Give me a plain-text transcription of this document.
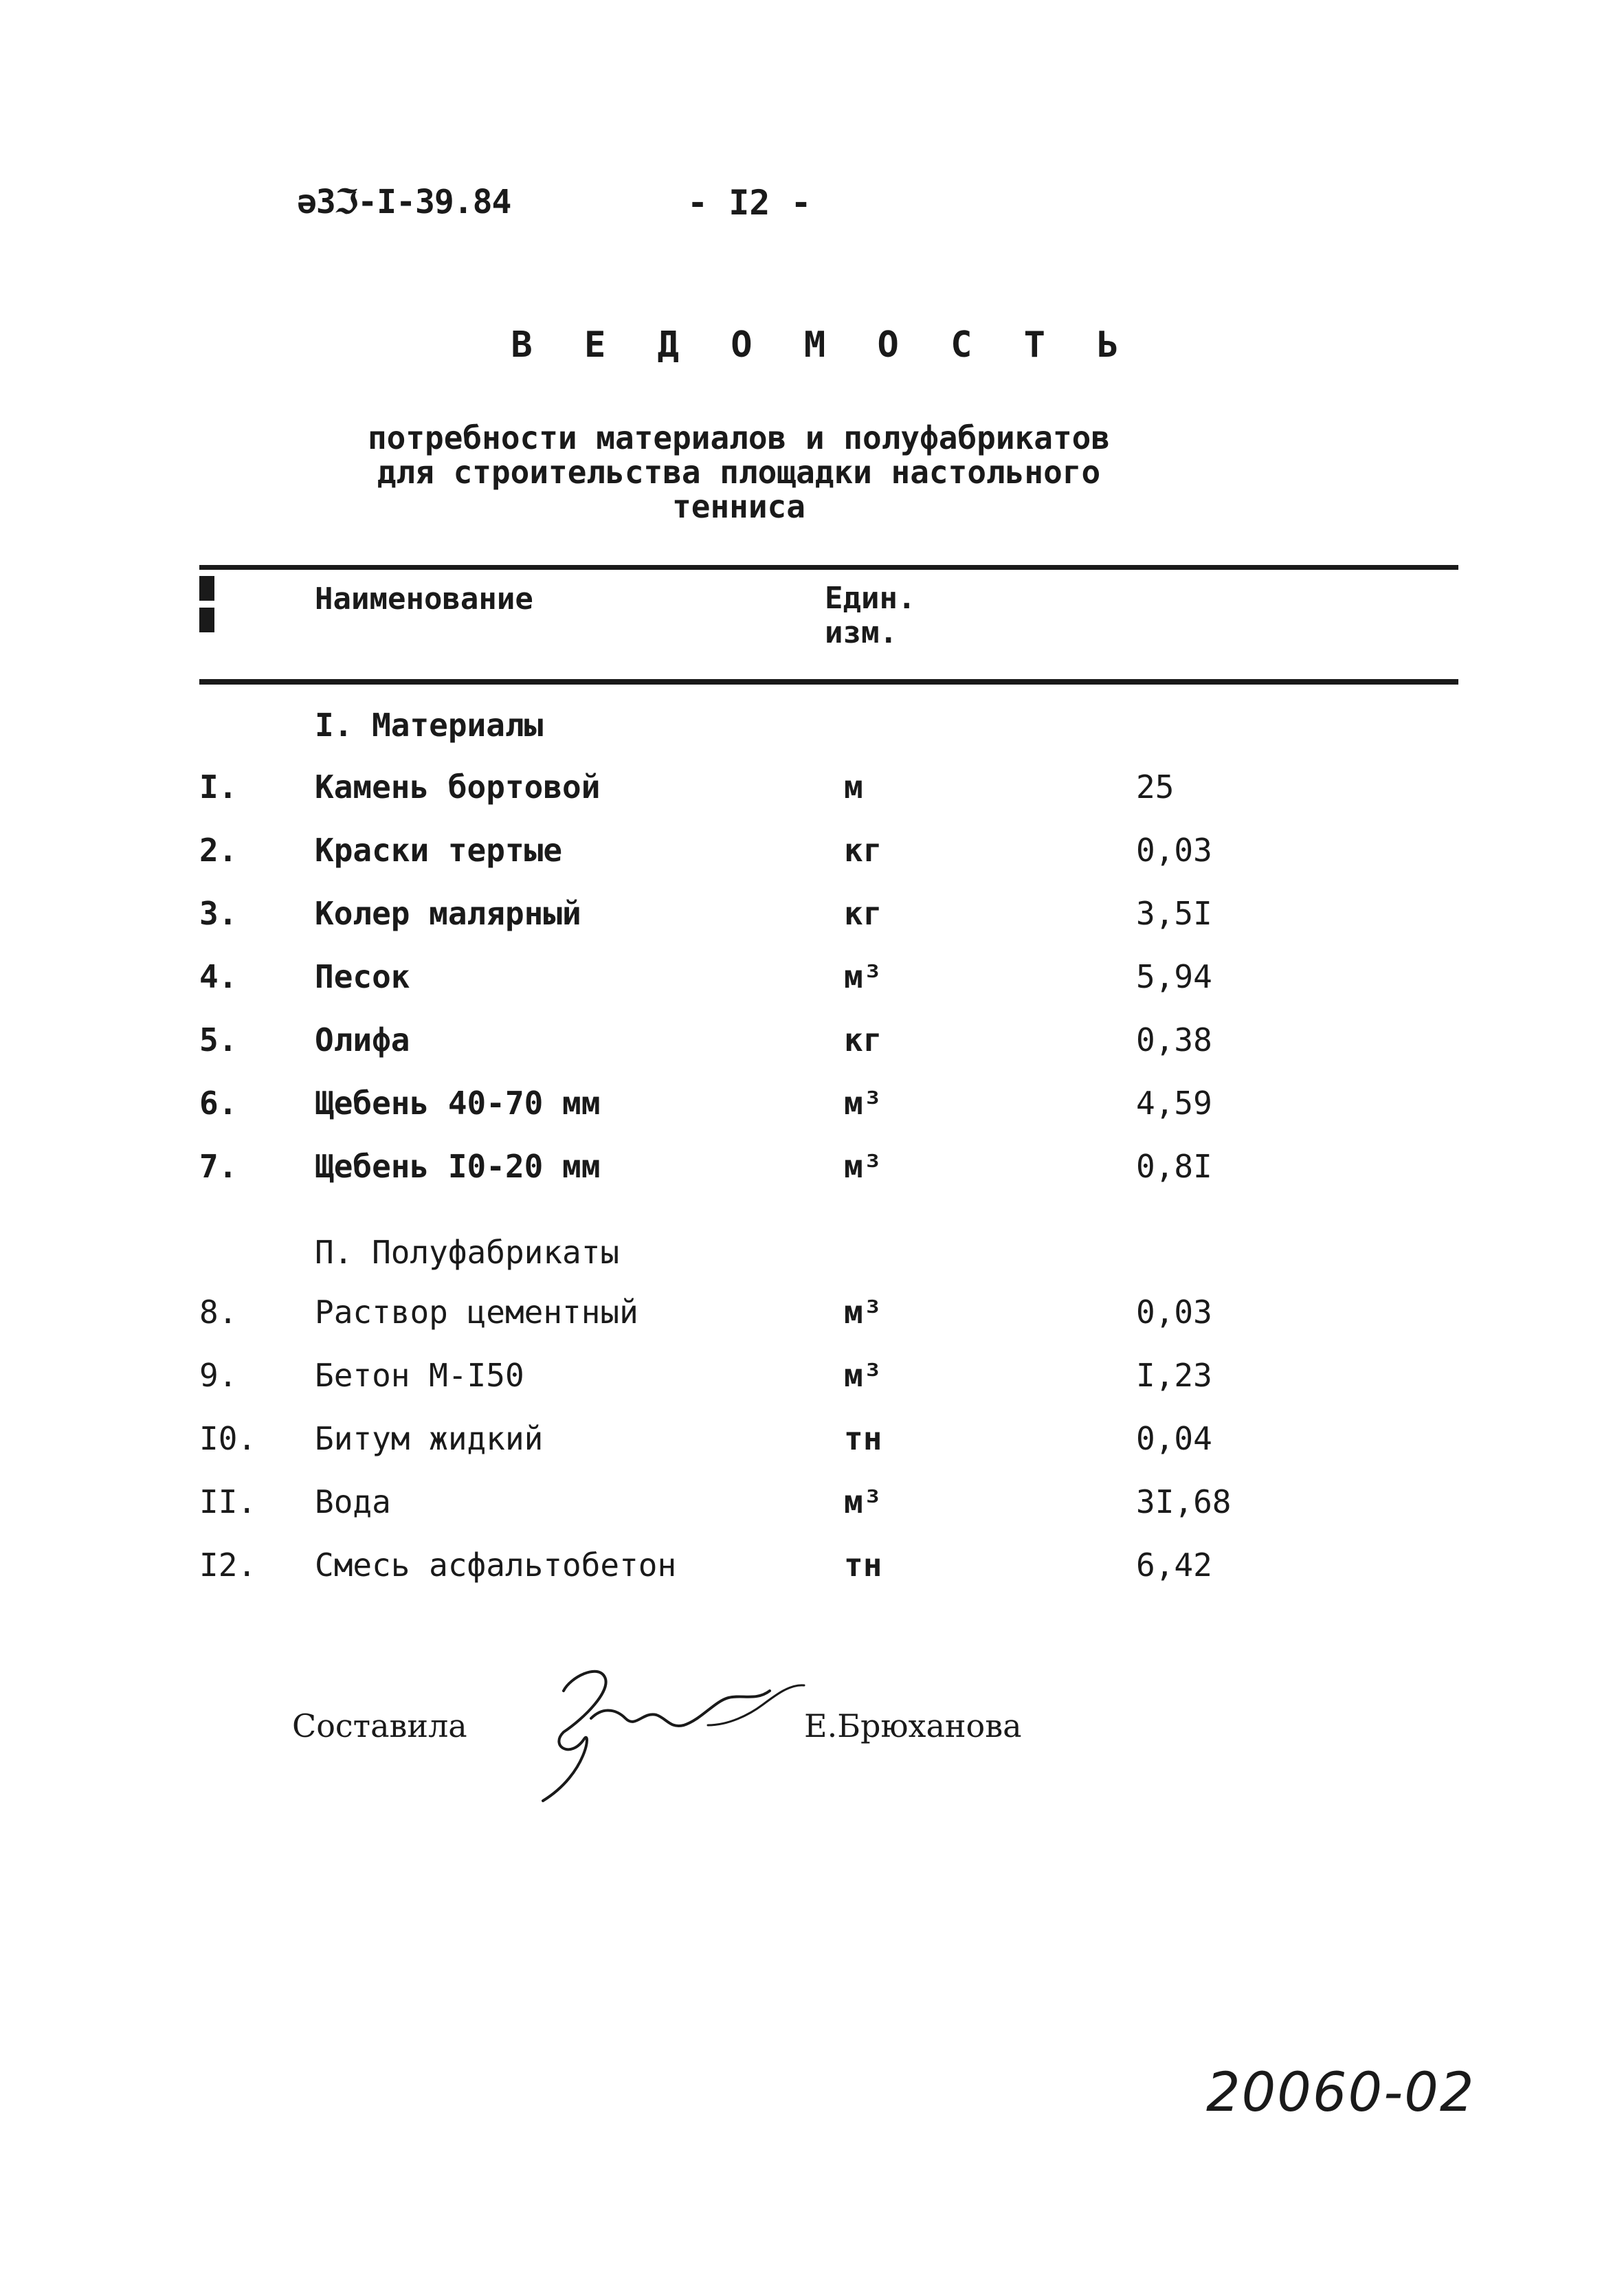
ǝЗℑ-I-39.84	- I2 -
В Е Д О М О С Т Ь
потребности материалов и полуфабрикатов
для строительства площадки настольного
тенниса
Наименование	Един.
изм.
I. Материалы
I. Камень бортовой	м	25
2. Краски тертые	кг	0,03
3. Колер малярный	кг	3,5I
4. Песок	м³	5,94
5. Олифа	кг	0,38
6. Щебень 40-70 мм	м³	4,59
7. Щебень I0-20 мм	м³	0,8I
П. Полуфабрикаты
8. Раствор цементный	м³	0,03
9. Бетон М-I50	м³	I,23
I0. Битум жидкий	тн	0,04
II. Вода	м³	3I,68
I2. Смесь асфальтобетон	тн	6,42
Составила	Е.Брюханова
20060-02
